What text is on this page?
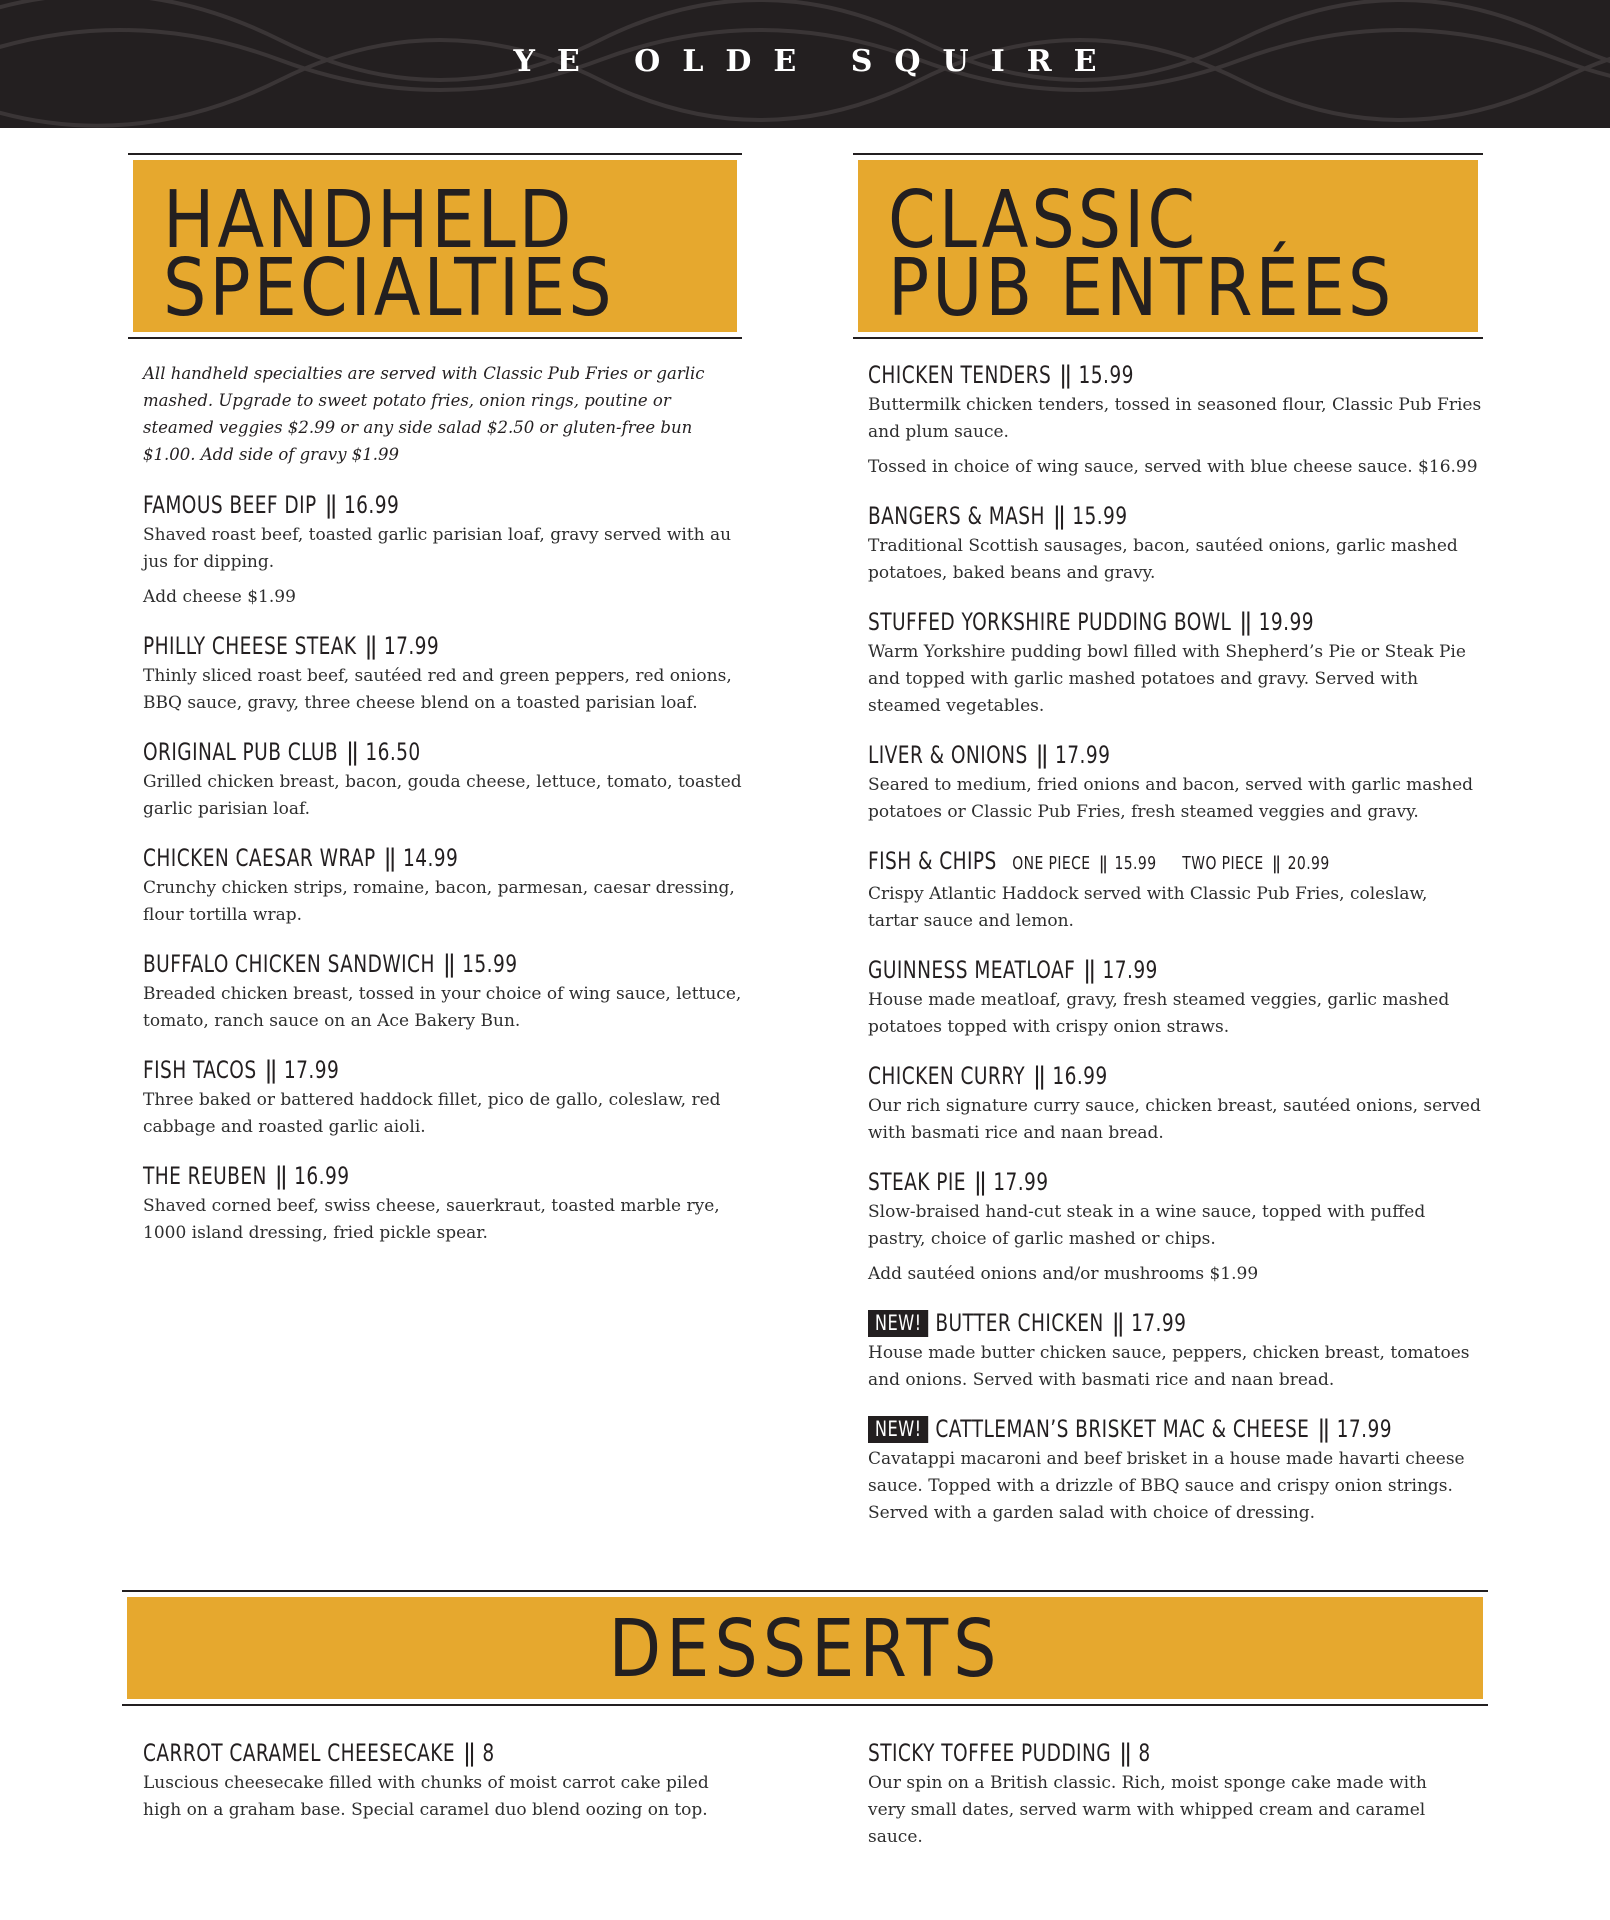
YE OLDE SQUIRE
HANDHELD
SPECIALTIES
CLASSIC
PUB ENTRÉES

All handheld specialties are served with Classic Pub Fries or garlic mashed. Upgrade to sweet potato fries, onion rings, poutine or steamed veggies $2.99 or any side salad $2.50 or gluten-free bun $1.00. Add side of gravy $1.99

FAMOUS BEEF DIP || 16.99

Shaved roast beef, toasted garlic parisian loaf, gravy served with au jus for dipping.

Add cheese $1.99

PHILLY CHEESE STEAK || 17.99

Thinly sliced roast beef, sautéed red and green peppers, red onions, BBQ sauce, gravy, three cheese blend on a toasted parisian loaf.

ORIGINAL PUB CLUB || 16.50

Grilled chicken breast, bacon, gouda cheese, lettuce, tomato, toasted garlic parisian loaf.

CHICKEN CAESAR WRAP || 14.99

Crunchy chicken strips, romaine, bacon, parmesan, caesar dressing, flour tortilla wrap.

BUFFALO CHICKEN SANDWICH || 15.99

Breaded chicken breast, tossed in your choice of wing sauce, lettuce, tomato, ranch sauce on an Ace Bakery Bun.

FISH TACOS || 17.99

Three baked or battered haddock fillet, pico de gallo, coleslaw, red cabbage and roasted garlic aioli.

THE REUBEN || 16.99

Shaved corned beef, swiss cheese, sauerkraut, toasted marble rye, 1000 island dressing, fried pickle spear.

CHICKEN TENDERS || 15.99

Buttermilk chicken tenders, tossed in seasoned flour, Classic Pub Fries and plum sauce.

Tossed in choice of wing sauce, served with blue cheese sauce. $16.99

BANGERS & MASH || 15.99

Traditional Scottish sausages, bacon, sautéed onions, garlic mashed potatoes, baked beans and gravy.

STUFFED YORKSHIRE PUDDING BOWL || 19.99

Warm Yorkshire pudding bowl filled with Shepherd’s Pie or Steak Pie and topped with garlic mashed potatoes and gravy. Served with steamed vegetables.

LIVER & ONIONS || 17.99

Seared to medium, fried onions and bacon, served with garlic mashed potatoes or Classic Pub Fries, fresh steamed veggies and gravy.

FISH & CHIPS ONE PIECE || 15.99 TWO PIECE || 20.99

Crispy Atlantic Haddock served with Classic Pub Fries, coleslaw, tartar sauce and lemon.

GUINNESS MEATLOAF || 17.99

House made meatloaf, gravy, fresh steamed veggies, garlic mashed potatoes topped with crispy onion straws.

CHICKEN CURRY || 16.99

Our rich signature curry sauce, chicken breast, sautéed onions, served with basmati rice and naan bread.

STEAK PIE || 17.99

Slow-braised hand-cut steak in a wine sauce, topped with puffed pastry, choice of garlic mashed or chips.

Add sautéed onions and/or mushrooms $1.99

NEW! BUTTER CHICKEN || 17.99

House made butter chicken sauce, peppers, chicken breast, tomatoes and onions. Served with basmati rice and naan bread.

NEW! CATTLEMAN’S BRISKET MAC & CHEESE || 17.99

Cavatappi macaroni and beef brisket in a house made havarti cheese sauce. Topped with a drizzle of BBQ sauce and crispy onion strings. Served with a garden salad with choice of dressing.

DESSERTS
CARROT CARAMEL CHEESECAKE || 8

Luscious cheesecake filled with chunks of moist carrot cake piled high on a graham base. Special caramel duo blend oozing on top.

STICKY TOFFEE PUDDING || 8

Our spin on a British classic. Rich, moist sponge cake made with very small dates, served warm with whipped cream and caramel sauce.
